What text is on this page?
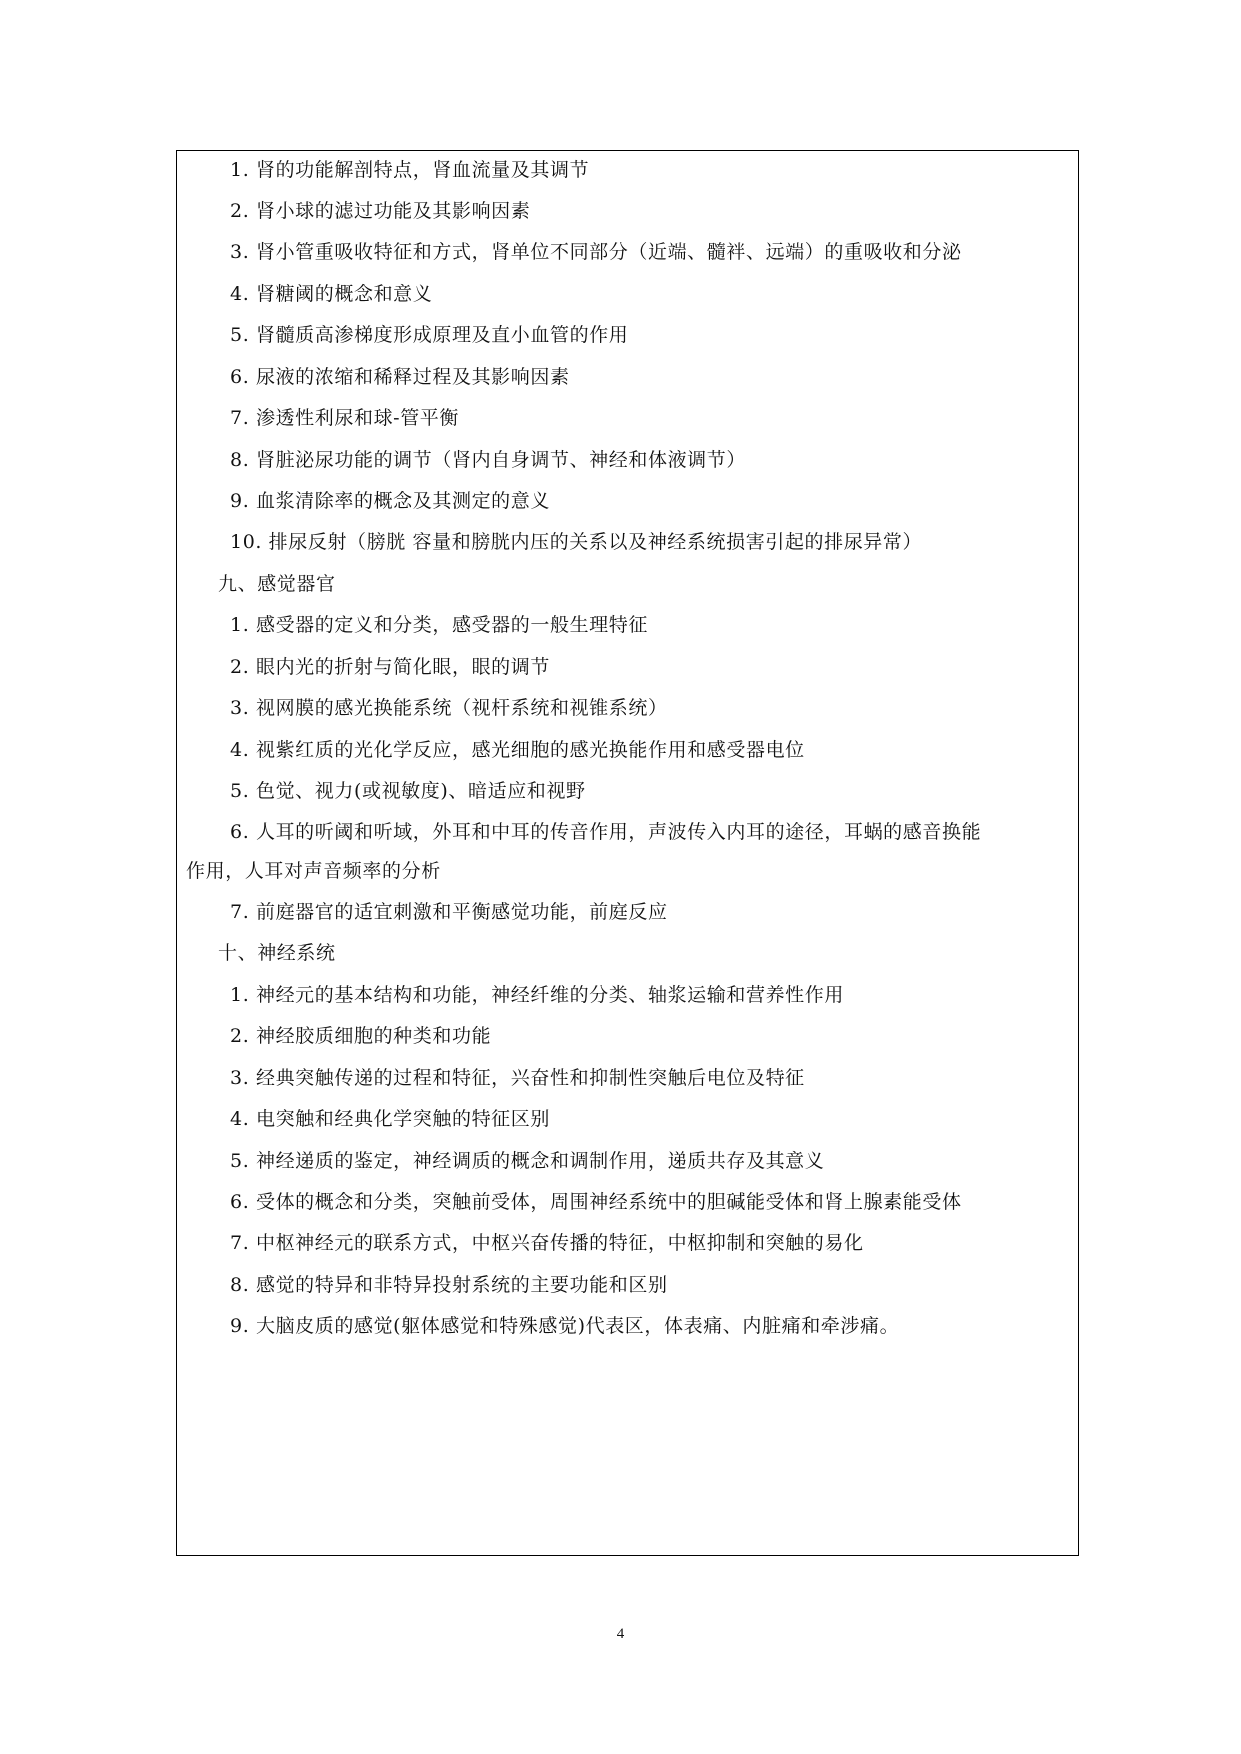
1. 肾的功能解剖特点，肾血流量及其调节
2. 肾小球的滤过功能及其影响因素
3. 肾小管重吸收特征和方式，肾单位不同部分（近端、髓袢、远端）的重吸收和分泌
4. 肾糖阈的概念和意义
5. 肾髓质高渗梯度形成原理及直小血管的作用
6. 尿液的浓缩和稀释过程及其影响因素
7. 渗透性利尿和球-管平衡
8. 肾脏泌尿功能的调节（肾内自身调节、神经和体液调节）
9. 血浆清除率的概念及其测定的意义
10. 排尿反射（膀胱 容量和膀胱内压的关系以及神经系统损害引起的排尿异常）
九、感觉器官
1. 感受器的定义和分类，感受器的一般生理特征
2. 眼内光的折射与简化眼，眼的调节
3. 视网膜的感光换能系统（视杆系统和视锥系统）
4. 视紫红质的光化学反应，感光细胞的感光换能作用和感受器电位
5. 色觉、视力(或视敏度)、暗适应和视野
6. 人耳的听阈和听域，外耳和中耳的传音作用，声波传入内耳的途径，耳蜗的感音换能
作用，人耳对声音频率的分析
7. 前庭器官的适宜刺激和平衡感觉功能，前庭反应
十、神经系统
1. 神经元的基本结构和功能，神经纤维的分类、轴浆运输和营养性作用
2. 神经胶质细胞的种类和功能
3. 经典突触传递的过程和特征，兴奋性和抑制性突触后电位及特征
4. 电突触和经典化学突触的特征区别
5. 神经递质的鉴定，神经调质的概念和调制作用，递质共存及其意义
6. 受体的概念和分类，突触前受体，周围神经系统中的胆碱能受体和肾上腺素能受体
7. 中枢神经元的联系方式，中枢兴奋传播的特征，中枢抑制和突触的易化
8. 感觉的特异和非特异投射系统的主要功能和区别
9. 大脑皮质的感觉(躯体感觉和特殊感觉)代表区，体表痛、内脏痛和牵涉痛。
4
